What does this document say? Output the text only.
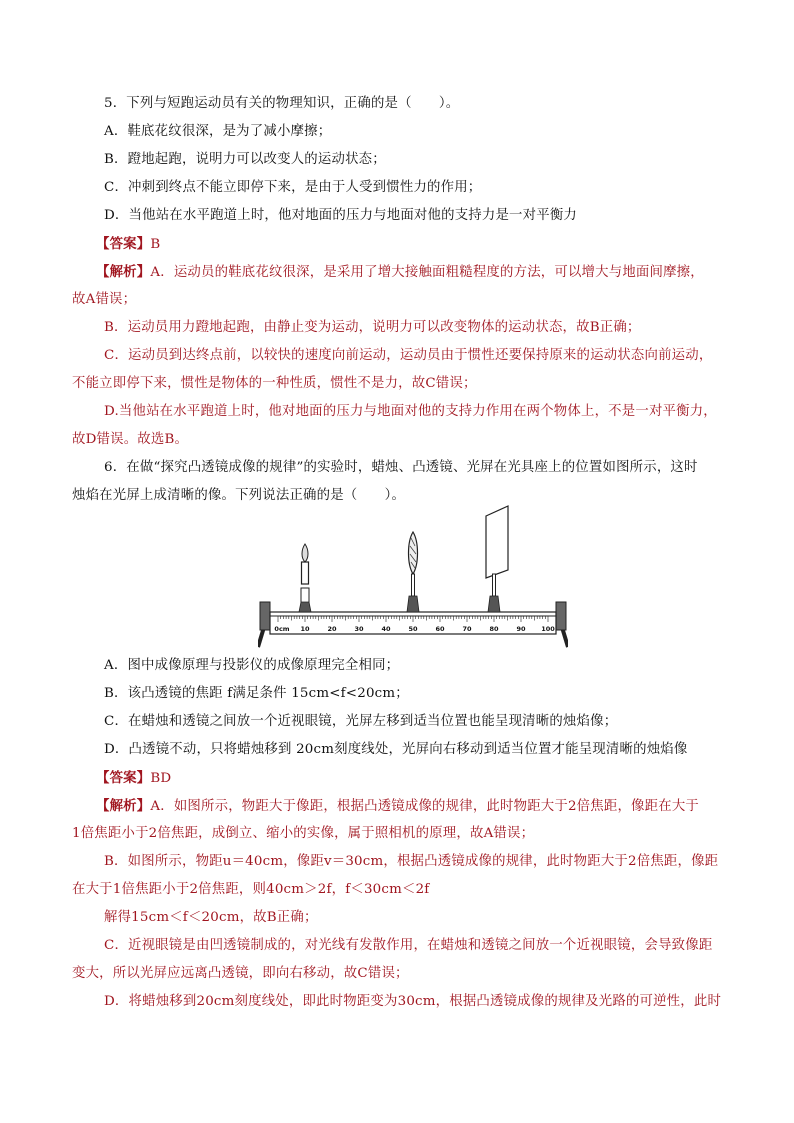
5．下列与短跑运动员有关的物理知识，正确的是（　　）。
A．鞋底花纹很深，是为了减小摩擦；
B．蹬地起跑，说明力可以改变人的运动状态；
C．冲刺到终点不能立即停下来，是由于人受到惯性力的作用；
D．当他站在水平跑道上时，他对地面的压力与地面对他的支持力是一对平衡力
【答案】B
【解析】A．运动员的鞋底花纹很深，是采用了增大接触面粗糙程度的方法，可以增大与地面间摩擦，
故A错误；
B．运动员用力蹬地起跑，由静止变为运动，说明力可以改变物体的运动状态，故B正确；
C．运动员到达终点前，以较快的速度向前运动，运动员由于惯性还要保持原来的运动状态向前运动，
不能立即停下来，惯性是物体的一种性质，惯性不是力，故C错误；
D.当他站在水平跑道上时，他对地面的压力与地面对他的支持力作用在两个物体上，不是一对平衡力，
故D错误。故选B。
6．在做“探究凸透镜成像的规律”的实验时，蜡烛、凸透镜、光屏在光具座上的位置如图所示，这时
烛焰在光屏上成清晰的像。下列说法正确的是（　　）。
0cm 10	20	30	40	50	60	70	80	90 100
A．图中成像原理与投影仪的成像原理完全相同；
B．该凸透镜的焦距 f满足条件 15cm<f<20cm；
C．在蜡烛和透镜之间放一个近视眼镜，光屏左移到适当位置也能呈现清晰的烛焰像；
D．凸透镜不动，只将蜡烛移到 20cm刻度线处，光屏向右移动到适当位置才能呈现清晰的烛焰像
【答案】BD
【解析】A．如图所示，物距大于像距，根据凸透镜成像的规律，此时物距大于2倍焦距，像距在大于
1倍焦距小于2倍焦距，成倒立、缩小的实像，属于照相机的原理，故A错误；
B．如图所示，物距u＝40cm，像距v＝30cm，根据凸透镜成像的规律，此时物距大于2倍焦距，像距
在大于1倍焦距小于2倍焦距，则40cm＞2f，f＜30cm＜2f
解得15cm＜f＜20cm，故B正确；
C．近视眼镜是由凹透镜制成的，对光线有发散作用，在蜡烛和透镜之间放一个近视眼镜，会导致像距
变大，所以光屏应远离凸透镜，即向右移动，故C错误；
D．将蜡烛移到20cm刻度线处，即此时物距变为30cm，根据凸透镜成像的规律及光路的可逆性，此时
